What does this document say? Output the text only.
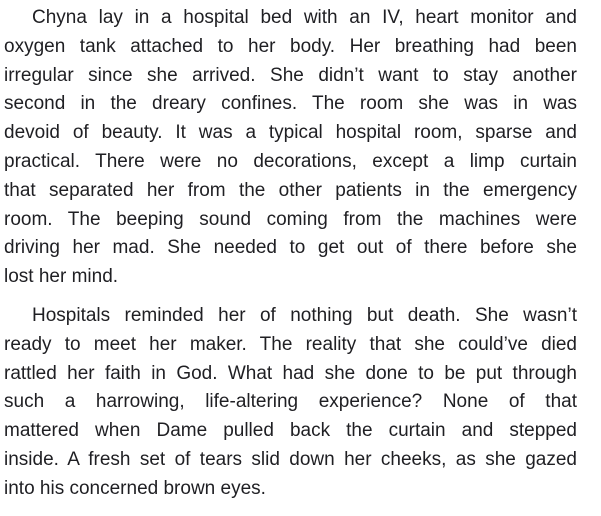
Chyna lay in a hospital bed with an IV, heart monitor and
oxygen tank attached to her body. Her breathing had been
irregular since she arrived. She didn’t want to stay another
second in the dreary confines. The room she was in was
devoid of beauty. It was a typical hospital room, sparse and
practical. There were no decorations, except a limp curtain
that separated her from the other patients in the emergency
room. The beeping sound coming from the machines were
driving her mad. She needed to get out of there before she
lost her mind.
Hospitals reminded her of nothing but death. She wasn’t
ready to meet her maker. The reality that she could’ve died
rattled her faith in God. What had she done to be put through
such a harrowing, life-altering experience? None of that
mattered when Dame pulled back the curtain and stepped
inside. A fresh set of tears slid down her cheeks, as she gazed
into his concerned brown eyes.
